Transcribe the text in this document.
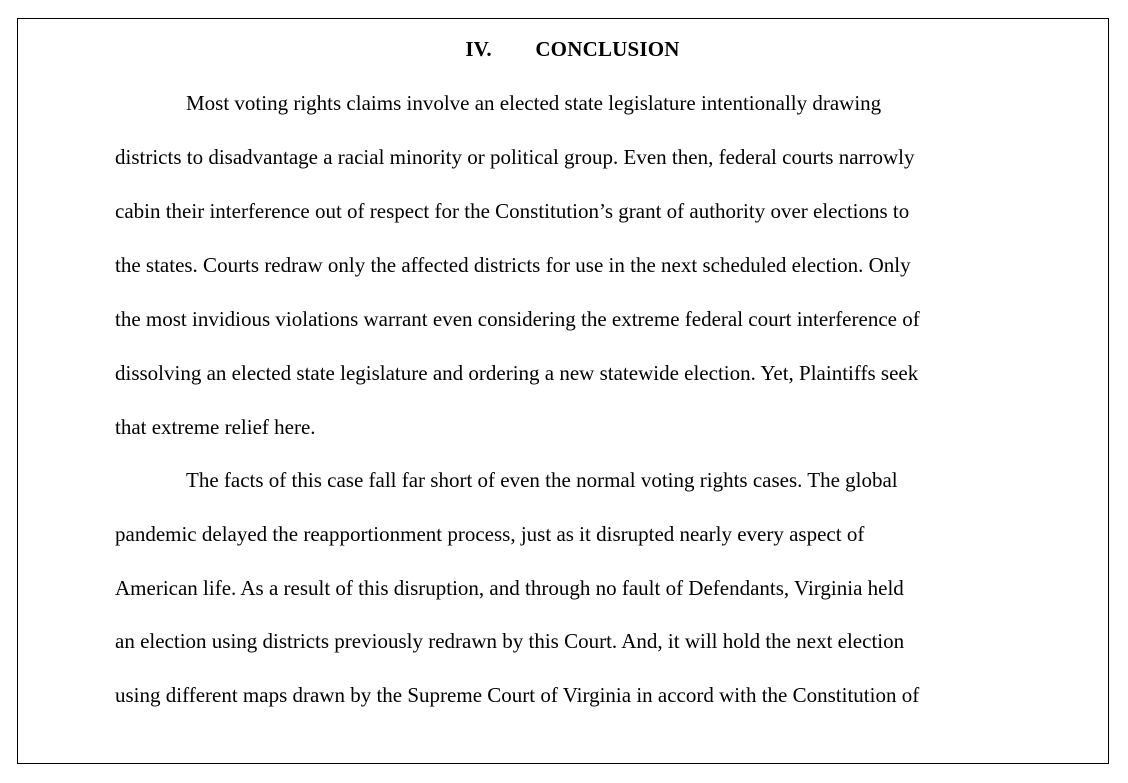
IV. CONCLUSION
Most voting rights claims involve an elected state legislature intentionally drawing
districts to disadvantage a racial minority or political group. Even then, federal courts narrowly
cabin their interference out of respect for the Constitution’s grant of authority over elections to
the states. Courts redraw only the affected districts for use in the next scheduled election. Only
the most invidious violations warrant even considering the extreme federal court interference of
dissolving an elected state legislature and ordering a new statewide election. Yet, Plaintiffs seek
that extreme relief here.
The facts of this case fall far short of even the normal voting rights cases. The global
pandemic delayed the reapportionment process, just as it disrupted nearly every aspect of
American life. As a result of this disruption, and through no fault of Defendants, Virginia held
an election using districts previously redrawn by this Court. And, it will hold the next election
using different maps drawn by the Supreme Court of Virginia in accord with the Constitution of
